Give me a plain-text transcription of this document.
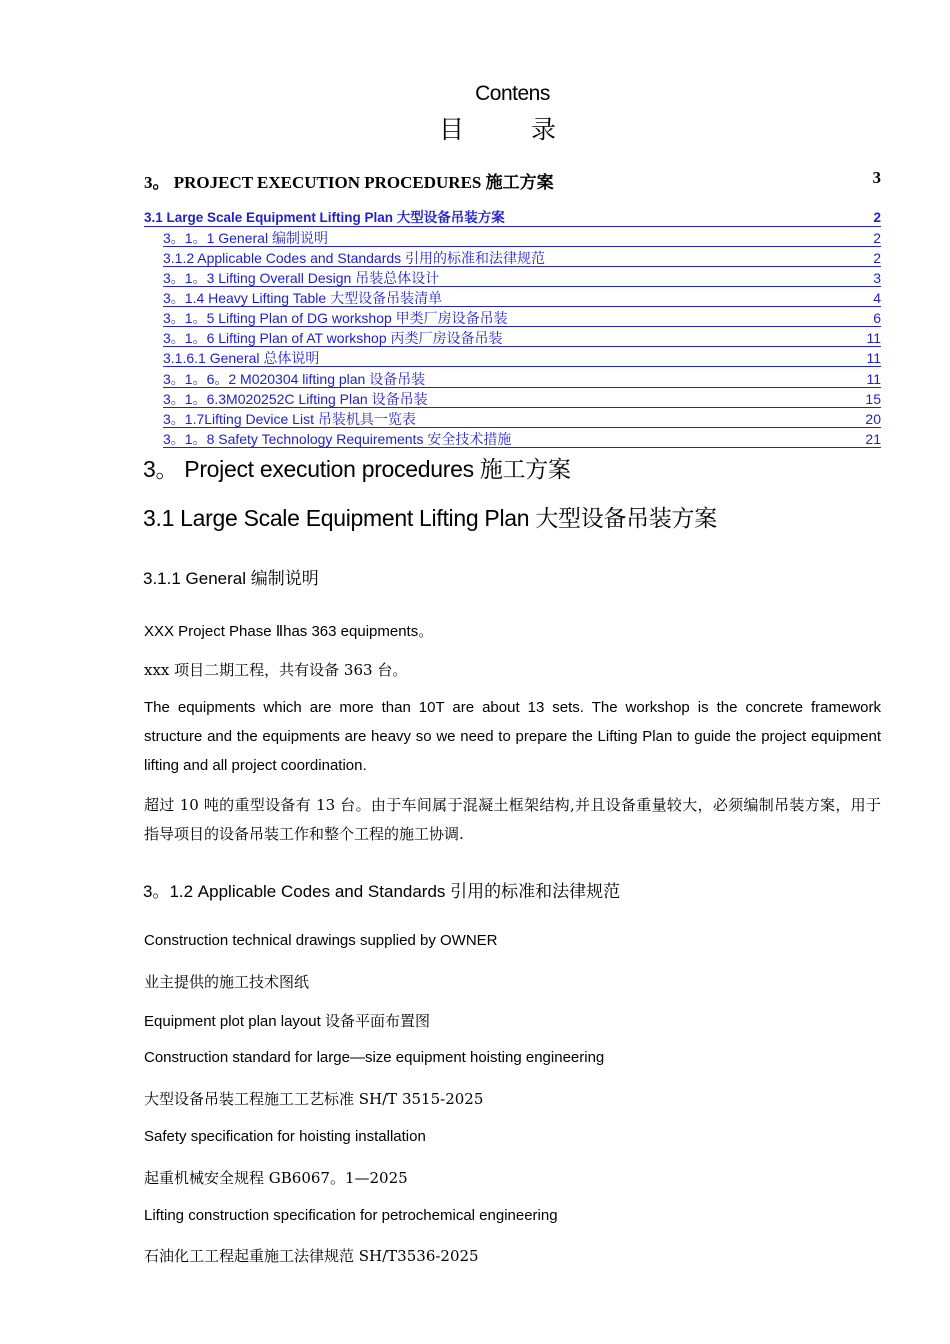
Contens
目 录
3。 PROJECT EXECUTION PROCEDURES 施工方案	3
3.1 Large Scale Equipment Lifting Plan 大型设备吊装方案	2
3。1。1 General 编制说明	2
3.1.2 Applicable Codes and Standards 引用的标准和法律规范	2
3。1。3 Lifting Overall Design 吊装总体设计	3
3。1.4 Heavy Lifting Table 大型设备吊装清单	4
3。1。5 Lifting Plan of DG workshop 甲类厂房设备吊装	6
3。1。6 Lifting Plan of AT workshop 丙类厂房设备吊装	11
3.1.6.1 General 总体说明	11
3。1。6。2 M020304 lifting plan 设备吊装	11
3。1。6.3M020252C Lifting Plan 设备吊装	15
3。1.7Lifting Device List 吊装机具一览表	20
3。1。8 Safety Technology Requirements 安全技术措施	21
3。 Project execution procedures 施工方案
3.1 Large Scale Equipment Lifting Plan 大型设备吊装方案
3.1.1 General 编制说明
XXX Project Phase Ⅱhas 363 equipments。
xxx 项目二期工程，共有设备 363 台。
The equipments which are more than 10T are about 13 sets. The workshop is the concrete framework structure and the equipments are heavy so we need to prepare the Lifting Plan to guide the project equipment lifting and all project coordination.
超过 10 吨的重型设备有 13 台。由于车间属于混凝土框架结构,并且设备重量较大，必须编制吊装方案，用于指导项目的设备吊装工作和整个工程的施工协调.
3。1.2 Applicable Codes and Standards 引用的标准和法律规范
Construction technical drawings supplied by OWNER
业主提供的施工技术图纸
Equipment plot plan layout 设备平面布置图
Construction standard for large—size equipment hoisting engineering
大型设备吊装工程施工工艺标准 SH/T 3515-2025
Safety specification for hoisting installation
起重机械安全规程 GB6067。1—2025
Lifting construction specification for petrochemical engineering
石油化工工程起重施工法律规范 SH/T3536-2025
